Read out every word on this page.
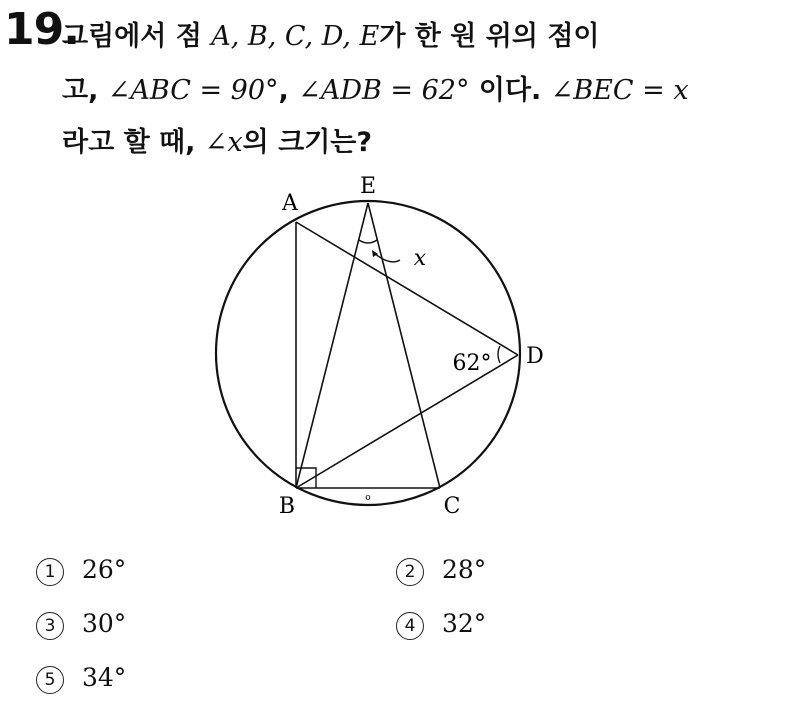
19.
그림에서 점 A, B, C, D, E가 한 원 위의 점이
고, ∠ABC = 90°, ∠ADB = 62° 이다. ∠BEC = x
라고 할 때, ∠x의 크기는?
A
E
D
B	C
x
62°
o
1 26°	2 28°
3 30°	4 32°
5 34°
